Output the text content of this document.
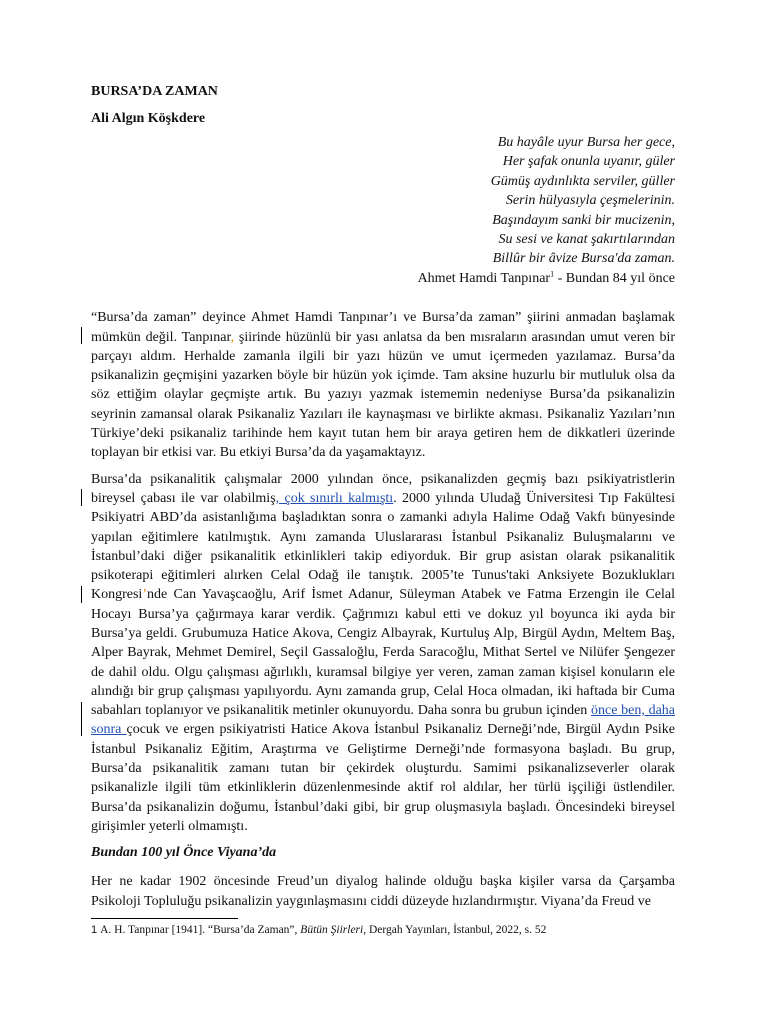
BURSA’DA ZAMAN
Ali Algın Köşkdere
Bu hayâle uyur Bursa her gece,
Her şafak onunla uyanır, güler
Gümüş aydınlıkta serviler, güller
Serin hülyasıyla çeşmelerinin.
Başındayım sanki bir mucizenin,
Su sesi ve kanat şakırtılarından
Billûr bir âvize Bursa'da zaman.
Ahmet Hamdi Tanpınar$^1$ - Bundan 84 yıl önce

“Bursa’da zaman” deyince Ahmet Hamdi Tanpınar’ı ve Bursa’da zaman” şiirini anmadan başlamak mümkün değil. Tanpınar, şiirinde hüzünlü bir yası anlatsa da ben mısraların arasından umut veren bir parçayı aldım. Herhalde zamanla ilgili bir yazı hüzün ve umut içermeden yazılamaz. Bursa’da psikanalizin geçmişini yazarken böyle bir hüzün yok içimde. Tam aksine huzurlu bir mutluluk olsa da söz ettiğim olaylar geçmişte artık. Bu yazıyı yazmak istememin nedeniyse Bursa’da psikanalizin seyrinin zamansal olarak Psikanaliz Yazıları ile kaynaşması ve birlikte akması. Psikanaliz Yazıları’nın Türkiye’deki psikanaliz tarihinde hem kayıt tutan hem bir araya getiren hem de dikkatleri üzerinde toplayan bir etkisi var. Bu etkiyi Bursa’da da yaşamaktayız.

Bursa’da psikanalitik çalışmalar 2000 yılından önce, psikanalizden geçmiş bazı psikiyatristlerin bireysel çabası ile var olabilmiş, çok sınırlı kalmıştı. 2000 yılında Uludağ Üniversitesi Tıp Fakültesi Psikiyatri ABD’da asistanlığıma başladıktan sonra o zamanki adıyla Halime Odağ Vakfı bünyesinde yapılan eğitimlere katılmıştık. Aynı zamanda Uluslararası İstanbul Psikanaliz Buluşmalarını ve İstanbul’daki diğer psikanalitik etkinlikleri takip ediyorduk. Bir grup asistan olarak psikanalitik psikoterapi eğitimleri alırken Celal Odağ ile tanıştık. 2005’te Tunus'taki Anksiyete Bozuklukları Kongresi’nde Can Yavaşcaoğlu, Arif İsmet Adanur, Süleyman Atabek ve Fatma Erzengin ile Celal Hocayı Bursa’ya çağırmaya karar verdik. Çağrımızı kabul etti ve dokuz yıl boyunca iki ayda bir Bursa’ya geldi. Grubumuza Hatice Akova, Cengiz Albayrak, Kurtuluş Alp, Birgül Aydın, Meltem Baş, Alper Bayrak, Mehmet Demirel, Seçil Gassaloğlu, Ferda Saracoğlu, Mithat Sertel ve Nilüfer Şengezer de dahil oldu. Olgu çalışması ağırlıklı, kuramsal bilgiye yer veren, zaman zaman kişisel konuların ele alındığı bir grup çalışması yapılıyordu. Aynı zamanda grup, Celal Hoca olmadan, iki haftada bir Cuma sabahları toplanıyor ve psikanalitik metinler okunuyordu. Daha sonra bu grubun içinden önce ben, daha sonra çocuk ve ergen psikiyatristi Hatice Akova İstanbul Psikanaliz Derneği’nde, Birgül Aydın Psike İstanbul Psikanaliz Eğitim, Araştırma ve Geliştirme Derneği’nde formasyona başladı. Bu grup, Bursa’da psikanalitik zamanı tutan bir çekirdek oluşturdu. Samimi psikanalizseverler olarak psikanalizle ilgili tüm etkinliklerin düzenlenmesinde aktif rol aldılar, her türlü işçiliği üstlendiler. Bursa’da psikanalizin doğumu, İstanbul’daki gibi, bir grup oluşmasıyla başladı. Öncesindeki bireysel girişimler yeterli olmamıştı.

Bundan 100 yıl Önce Viyana’da

Her ne kadar 1902 öncesinde Freud’un diyalog halinde olduğu başka kişiler varsa da Çarşamba Psikoloji Topluluğu psikanalizin yaygınlaşmasını ciddi düzeyde hızlandırmıştır. Viyana’da Freud ve

1 A. H. Tanpınar [1941]. “Bursa’da Zaman”, Bütün Şiirleri, Dergah Yayınları, İstanbul, 2022, s. 52
